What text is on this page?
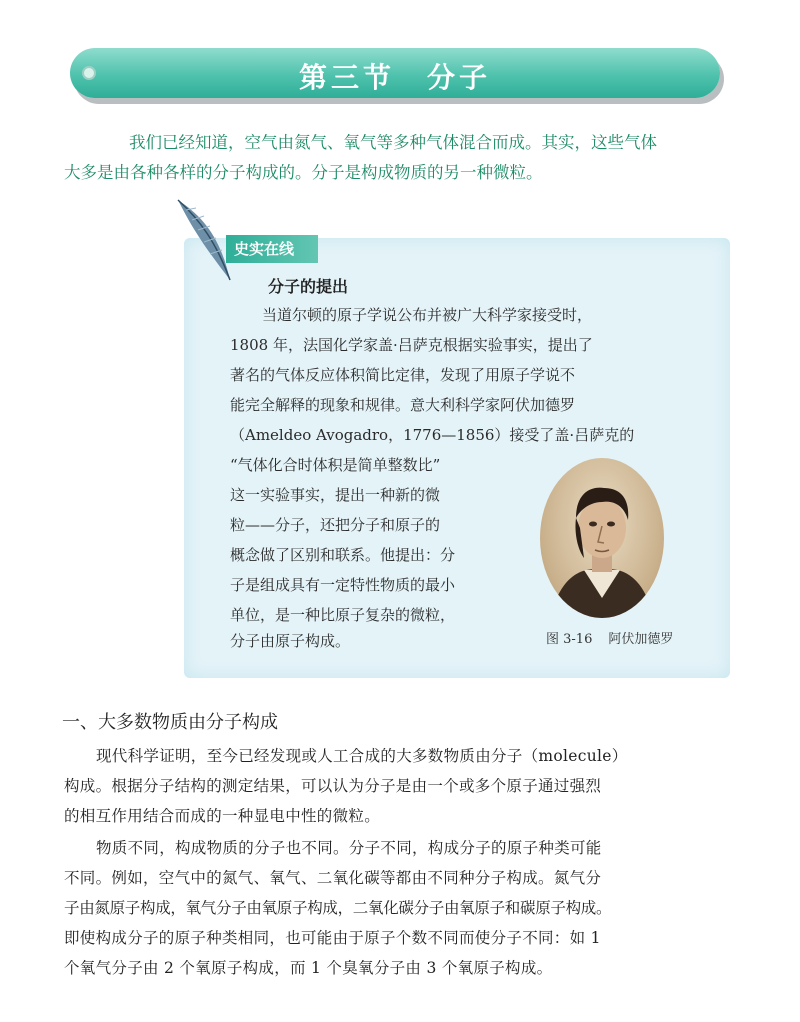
第三节　分子
我们已经知道，空气由氮气、氧气等多种气体混合而成。其实，这些气体
大多是由各种各样的分子构成的。分子是构成物质的另一种微粒。
史实在线
分子的提出
当道尔顿的原子学说公布并被广大科学家接受时，
1808 年，法国化学家盖·吕萨克根据实验事实，提出了
著名的气体反应体积简比定律，发现了用原子学说不
能完全解释的现象和规律。意大利科学家阿伏加德罗
（Ameldeo Avogadro，1776—1856）接受了盖·吕萨克的
“气体化合时体积是简单整数比”
这一实验事实，提出一种新的微
粒——分子，还把分子和原子的
概念做了区别和联系。他提出：分
子是组成具有一定特性物质的最小
单位，是一种比原子复杂的微粒，
分子由原子构成。	图 3-16 阿伏加德罗
一、大多数物质由分子构成
现代科学证明，至今已经发现或人工合成的大多数物质由分子（molecule）
构成。根据分子结构的测定结果，可以认为分子是由一个或多个原子通过强烈
的相互作用结合而成的一种显电中性的微粒。
物质不同，构成物质的分子也不同。分子不同，构成分子的原子种类可能
不同。例如，空气中的氮气、氧气、二氧化碳等都由不同种分子构成。氮气分
子由氮原子构成，氧气分子由氧原子构成，二氧化碳分子由氧原子和碳原子构成。
即使构成分子的原子种类相同，也可能由于原子个数不同而使分子不同：如 1
个氧气分子由 2 个氧原子构成，而 1 个臭氧分子由 3 个氧原子构成。
